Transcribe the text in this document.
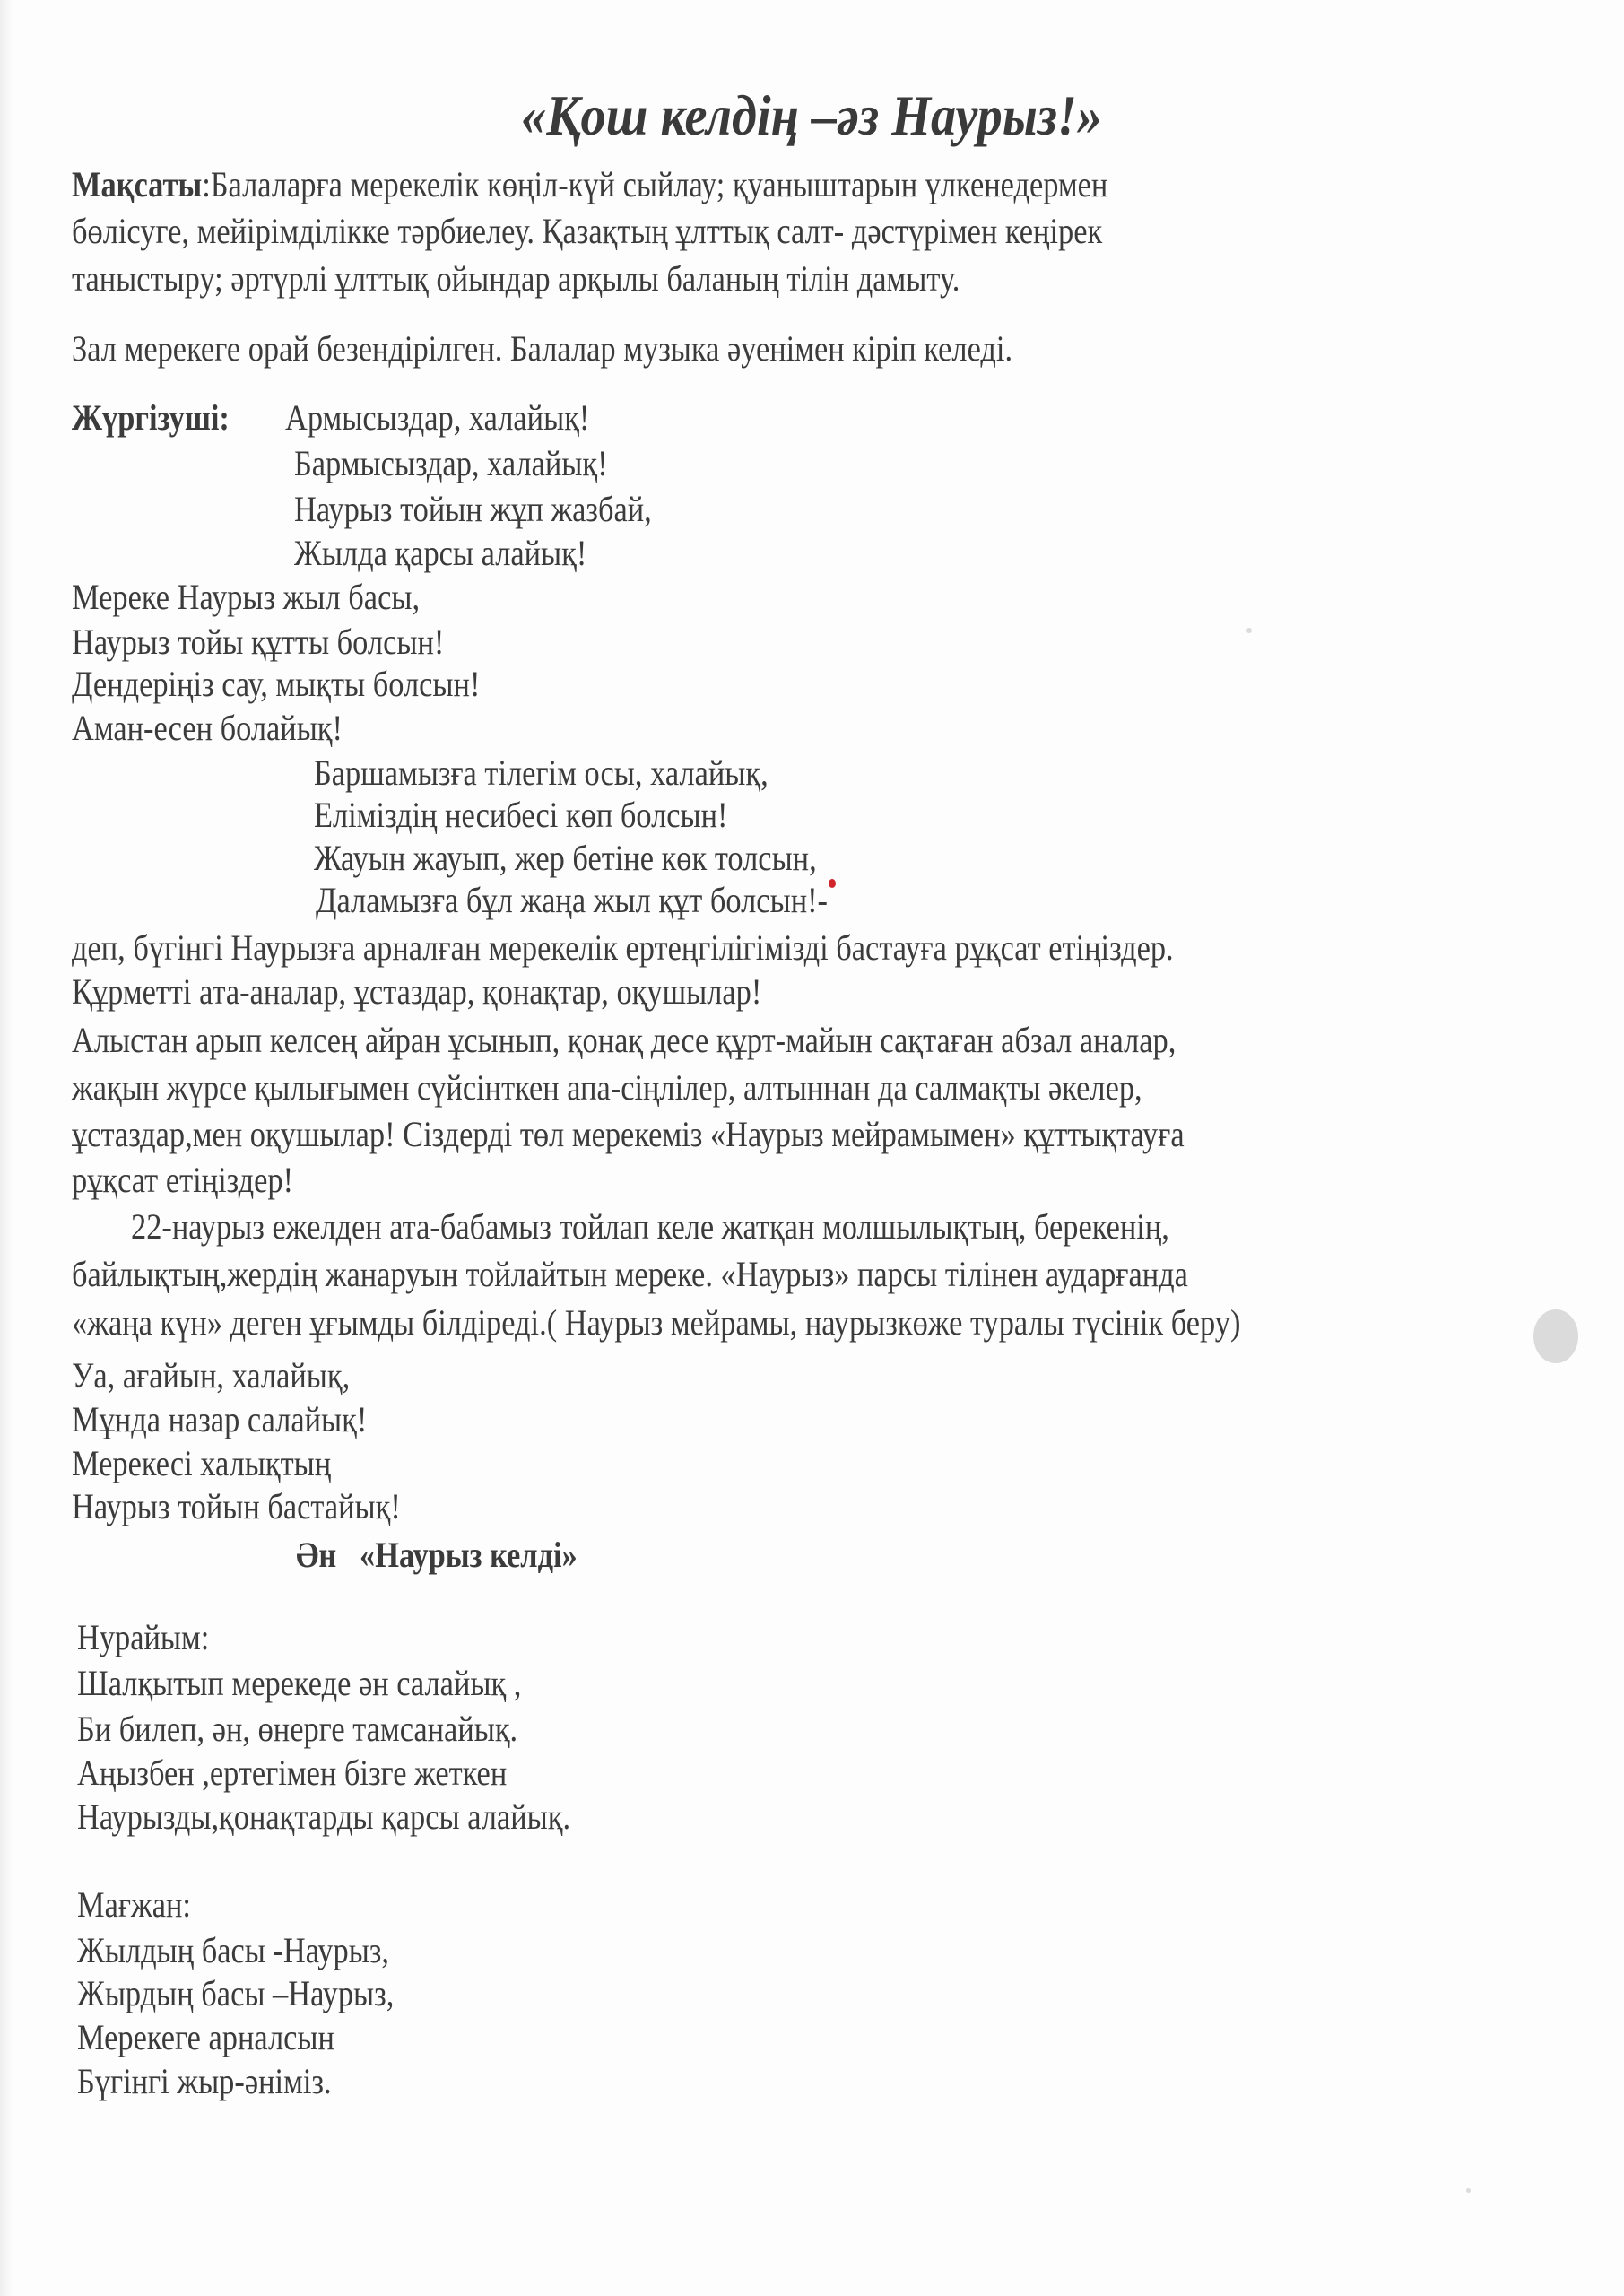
«Қош келдің –әз Наурыз!»
Мақсаты:Балаларға мерекелік көңіл-күй сыйлау; қуаныштарын үлкенедермен
бөлісуге, мейірімділікке тәрбиелеу. Қазақтың ұлттық салт- дәстүрімен кеңірек
таныстыру; әртүрлі ұлттық ойындар арқылы баланың тілін дамыту.
Зал мерекеге орай безендірілген. Балалар музыка әуенімен кіріп келеді.
Жүргізуші: Армысыздар, халайық!
Бармысыздар, халайық!
Наурыз тойын жұп жазбай,
Жылда қарсы алайық!
Мереке Наурыз жыл басы,
Наурыз тойы құтты болсын!
Дендеріңіз сау, мықты болсын!
Аман-есен болайық!
Баршамызға тілегім осы, халайық,
Еліміздің несибесі көп болсын!
Жауын жауып, жер бетіне көк толсын,
Даламызға бұл жаңа жыл құт болсын!-
деп, бүгінгі Наурызға арналған мерекелік ертеңгілігімізді бастауға рұқсат етіңіздер.
Құрметті ата-аналар, ұстаздар, қонақтар, оқушылар!
Алыстан арып келсең айран ұсынып, қонақ десе құрт-майын сақтаған абзал аналар,
жақын жүрсе қылығымен сүйсінткен апа-сіңлілер, алтыннан да салмақты әкелер,
ұстаздар,мен оқушылар! Сіздерді төл мерекеміз «Наурыз мейрамымен» құттықтауға
рұқсат етіңіздер!
22-наурыз ежелден ата-бабамыз тойлап келе жатқан молшылықтың, берекенің,
байлықтың,жердің жанаруын тойлайтын мереке. «Наурыз» парсы тілінен аударғанда
«жаңа күн» деген ұғымды білдіреді.( Наурыз мейрамы, наурызкөже туралы түсінік беру)
Уа, ағайын, халайық,
Мұнда назар салайық!
Мерекесі халықтың
Наурыз тойын бастайық!
Ән «Наурыз келді»
Нурайым:
Шалқытып мерекеде ән салайық ,
Би билеп, ән, өнерге тамсанайық.
Аңызбен ,ертегімен бізге жеткен
Наурызды,қонақтарды қарсы алайық.
Мағжан:
Жылдың басы -Наурыз,
Жырдың басы –Наурыз,
Мерекеге арналсын
Бүгінгі жыр-әніміз.
